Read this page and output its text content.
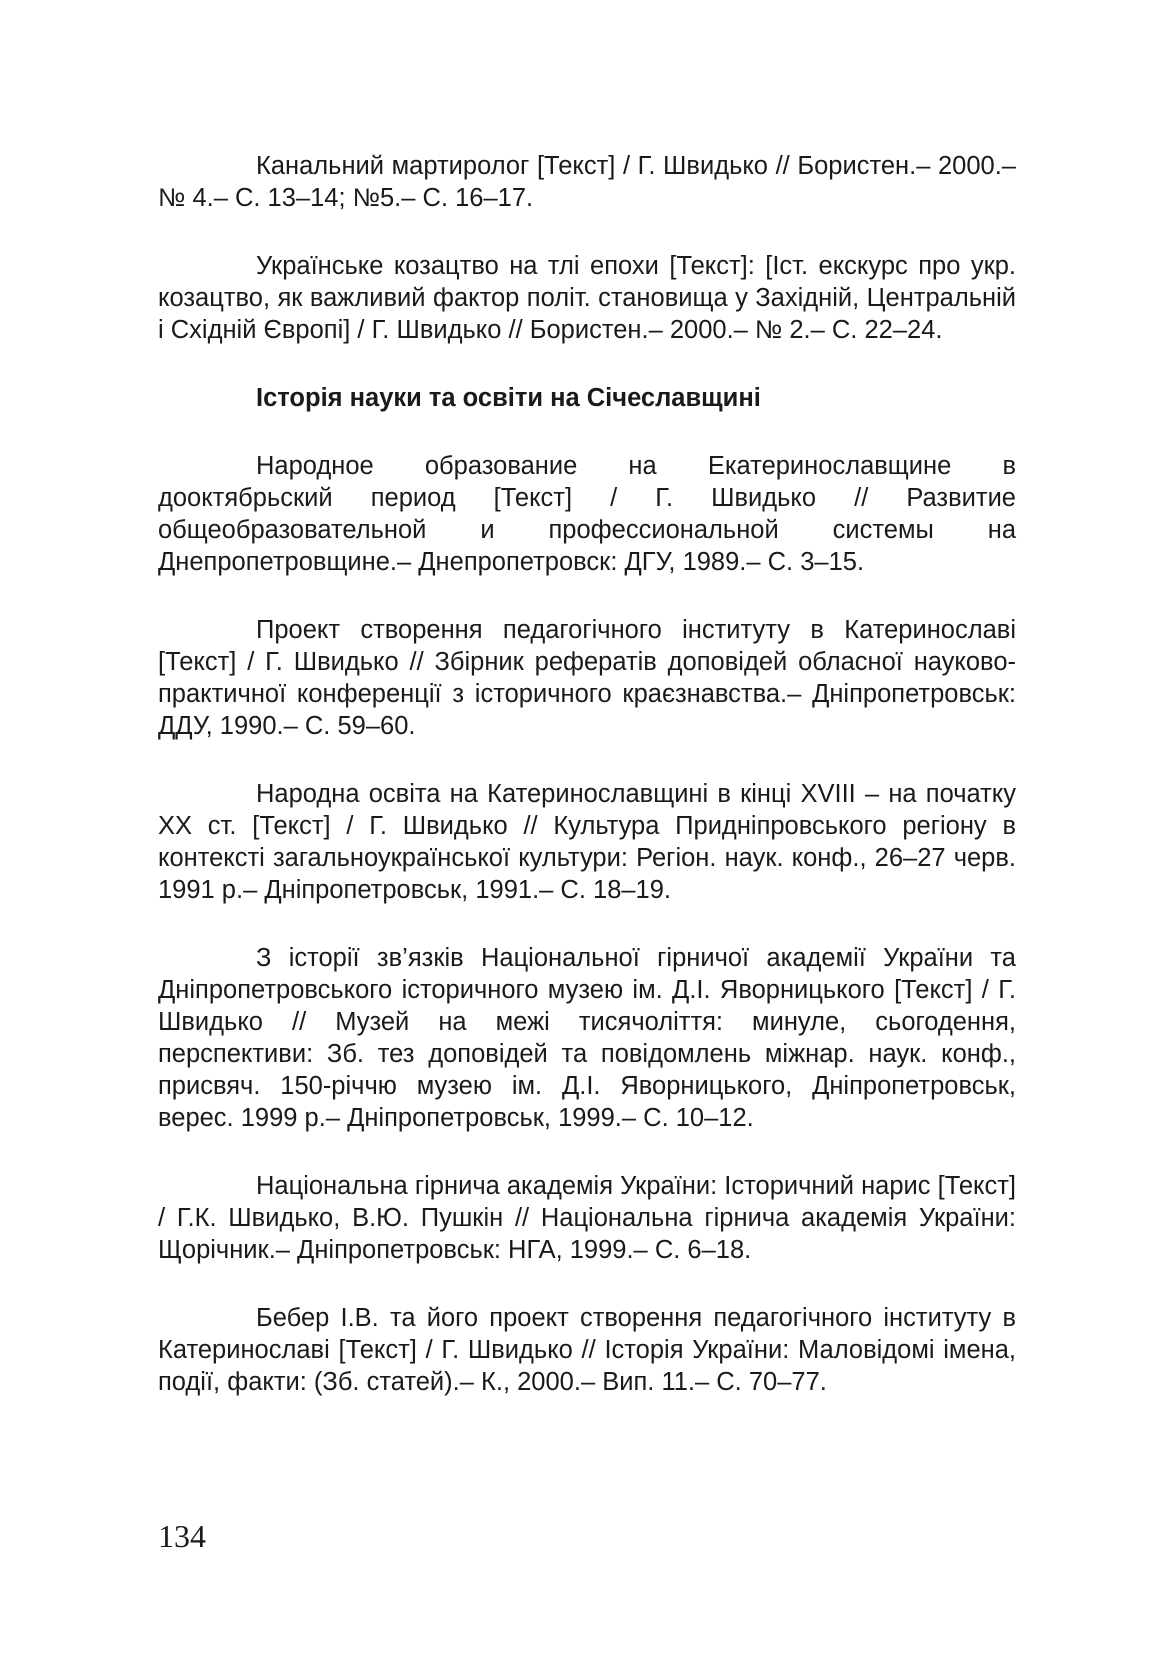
Канальний мартиролог [Текст] / Г. Швидько // Бористен.– 2000.– № 4.– С. 13–14; №5.– С. 16–17.

Українське козацтво на тлі епохи [Текст]: [Іст. екскурс про укр. козацтво, як важливий фактор політ. становища у Західній, Центральній і Східній Європі] / Г. Швидько // Бористен.– 2000.– № 2.– С. 22–24.

Історія науки та освіти на Січеславщині

Народное образование на Екатеринославщине в дооктябрьский период [Текст] / Г. Швидько // Развитие общеобразовательной и профессиональной системы на Днепропетровщине.– Днепропетровск: ДГУ, 1989.– С. 3–15.

Проект створення педагогічного інституту в Катеринославі [Текст] / Г. Швидько // Збірник рефератів доповідей обласної науково-практичної конференції з історичного краєзнавства.– Дніпропетровськ: ДДУ, 1990.– С. 59–60.

Народна освіта на Катеринославщині в кінці XVIII – на початку XX ст. [Текст] / Г. Швидько // Культура Придніпровського регіону в контексті загальноукраїнської культури: Регіон. наук. конф., 26–27 черв. 1991 р.– Дніпропетровськ, 1991.– С. 18–19.

З історії зв’язків Національної гірничої академії України та Дніпропетровського історичного музею ім. Д.І. Яворницького [Текст] / Г. Швидько // Музей на межі тисячоліття: минуле, сьогодення, перспективи: Зб. тез доповідей та повідомлень міжнар. наук. конф., присвяч. 150-річчю музею ім. Д.І. Яворницького, Дніпропетровськ, верес. 1999 р.– Дніпропетровськ, 1999.– С. 10–12.

Національна гірнича академія України: Історичний нарис [Текст] / Г.К. Швидько, В.Ю. Пушкін // Національна гірнича академія України: Щорічник.– Дніпропетровськ: НГА, 1999.– С. 6–18.

Бебер І.В. та його проект створення педагогічного інституту в Катеринославі [Текст] / Г. Швидько // Історія України: Маловідомі імена, події, факти: (Зб. статей).– К., 2000.– Вип. 11.– С. 70–77.

134
